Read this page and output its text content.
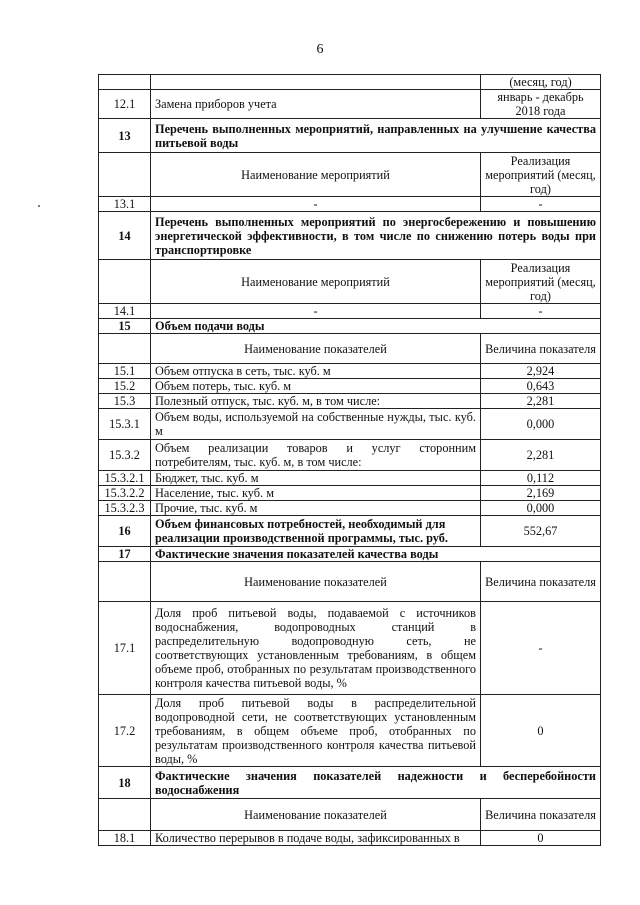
6
		(месяц, год)
12.1	Замена приборов учета	январь - декабрь 2018 года
13	Перечень выполненных мероприятий, направленных на улучшение качества питьевой воды	
	Наименование мероприятий	Реализация мероприятий (месяц, год)
13.1	-	-
14	Перечень выполненных мероприятий по энергосбережению и повышению энергетической эффективности, в том числе по снижению потерь воды при транспортировке	
	Наименование мероприятий	Реализация мероприятий (месяц, год)
14.1	-	-
15	Объем подачи воды	
	Наименование показателей	Величина показателя
15.1	Объем отпуска в сеть, тыс. куб. м	2,924
15.2	Объем потерь, тыс. куб. м	0,643
15.3	Полезный отпуск, тыс. куб. м, в том числе:	2,281
15.3.1	Объем воды, используемой на собственные нужды, тыс. куб. м	0,000
15.3.2	Объем реализации товаров и услуг сторонним потребителям, тыс. куб. м, в том числе:	2,281
15.3.2.1	Бюджет, тыс. куб. м	0,112
15.3.2.2	Население, тыс. куб. м	2,169
15.3.2.3	Прочие, тыс. куб. м	0,000
16	Объем финансовых потребностей, необходимый для реализации производственной программы, тыс. руб.	552,67
17	Фактические значения показателей качества воды	
	Наименование показателей	Величина показателя
17.1	Доля проб питьевой воды, подаваемой с источников водоснабжения, водопроводных станций в распределительную водопроводную сеть, не соответствующих установленным требованиям, в общем объеме проб, отобранных по результатам производственного контроля качества питьевой воды, %	-
17.2	Доля проб питьевой воды в распределительной водопроводной сети, не соответствующих установленным требованиям, в общем объеме проб, отобранных по результатам производственного контроля качества питьевой воды, %	0
18	Фактические значения показателей надежности и бесперебойности водоснабжения	
	Наименование показателей	Величина показателя
18.1	Количество перерывов в подаче воды, зафиксированных в	0
